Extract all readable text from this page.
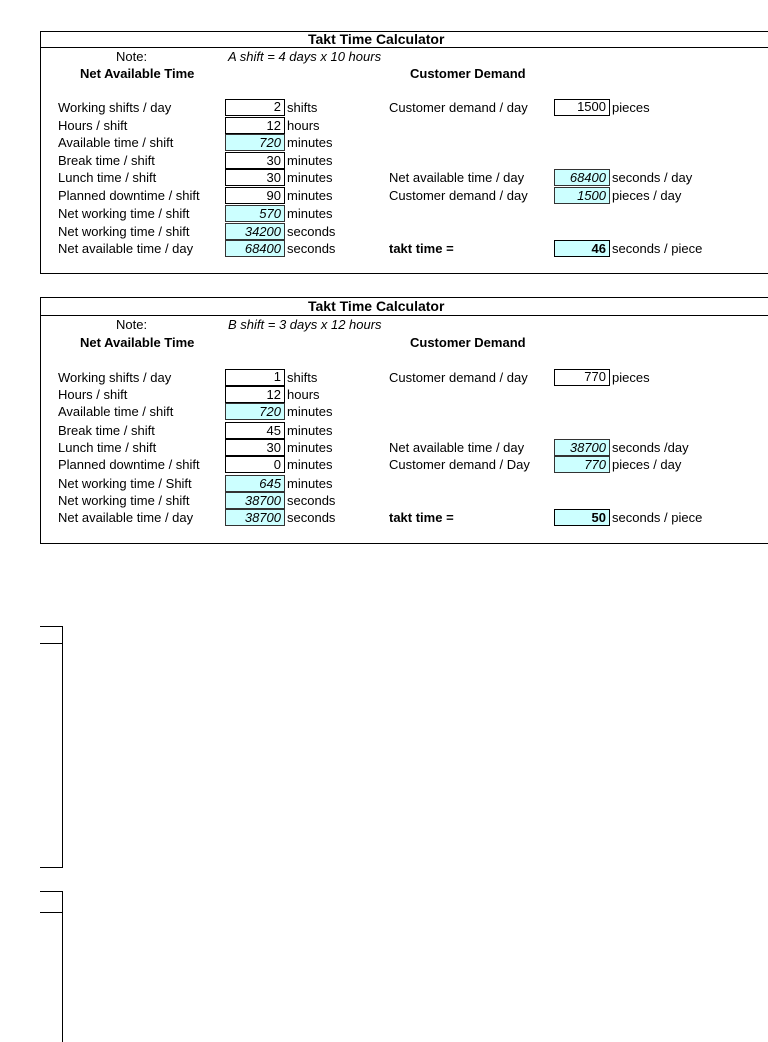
Takt Time Calculator
Note:	A shift = 4 days x 10 hours
Net Available Time	Customer Demand
Working shifts / day	2 shifts
Hours / shift	12 hours
Available time / shift	720 minutes
Break time / shift	30 minutes
Lunch time / shift	30 minutes
Planned downtime / shift	90 minutes
Net working time / shift	570 minutes
Net working time / shift	34200 seconds
Net available time / day	68400 seconds
Customer demand / day	1500 pieces
Net available time / day	68400 seconds / day
Customer demand / day	1500 pieces / day
takt time =	46 seconds / piece
Takt Time Calculator
Note:	B shift = 3 days x 12 hours
Net Available Time	Customer Demand
Working shifts / day	1 shifts
Hours / shift	12 hours
Available time / shift	720 minutes
Break time / shift	45 minutes
Lunch time / shift	30 minutes
Planned downtime / shift	0 minutes
Net working time / Shift	645 minutes
Net working time / shift	38700 seconds
Net available time / day	38700 seconds
Customer demand / day	770 pieces
Net available time / day	38700 seconds /day
Customer demand / Day	770 pieces / day
takt time =	50 seconds / piece
